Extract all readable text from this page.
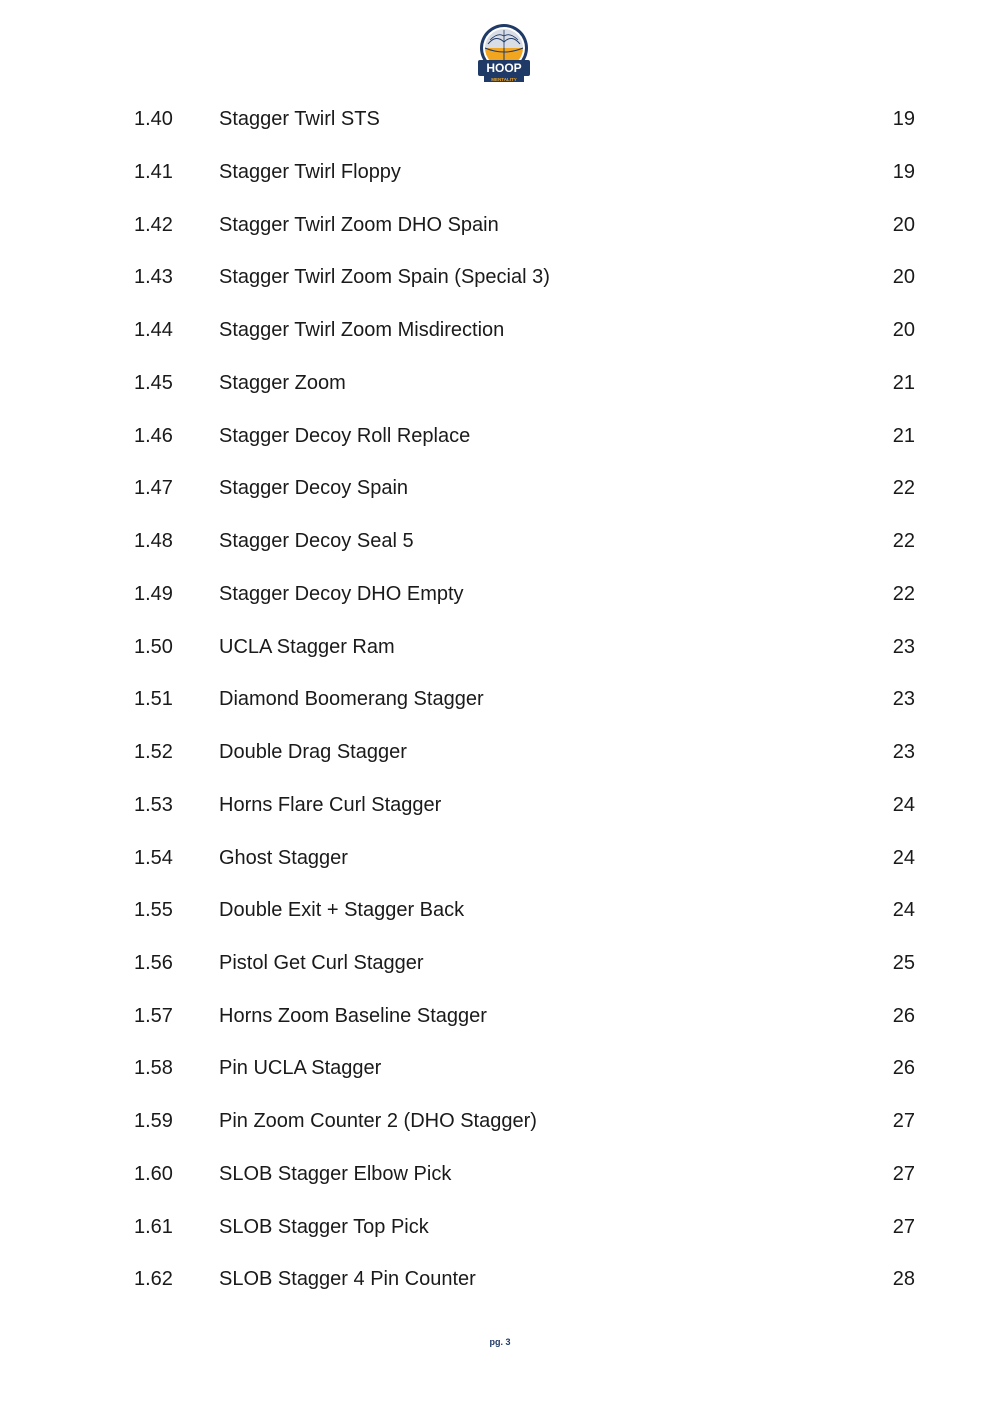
HOOP
MENTALITY
1.40 Stagger Twirl STS	19
1.41 Stagger Twirl Floppy	19
1.42 Stagger Twirl Zoom DHO Spain	20
1.43 Stagger Twirl Zoom Spain (Special 3)	20
1.44 Stagger Twirl Zoom Misdirection	20
1.45 Stagger Zoom	21
1.46 Stagger Decoy Roll Replace	21
1.47 Stagger Decoy Spain	22
1.48 Stagger Decoy Seal 5	22
1.49 Stagger Decoy DHO Empty	22
1.50 UCLA Stagger Ram	23
1.51 Diamond Boomerang Stagger	23
1.52 Double Drag Stagger	23
1.53 Horns Flare Curl Stagger	24
1.54 Ghost Stagger	24
1.55 Double Exit + Stagger Back	24
1.56 Pistol Get Curl Stagger	25
1.57 Horns Zoom Baseline Stagger	26
1.58 Pin UCLA Stagger	26
1.59 Pin Zoom Counter 2 (DHO Stagger)	27
1.60 SLOB Stagger Elbow Pick	27
1.61 SLOB Stagger Top Pick	27
1.62 SLOB Stagger 4 Pin Counter	28
pg. 3
